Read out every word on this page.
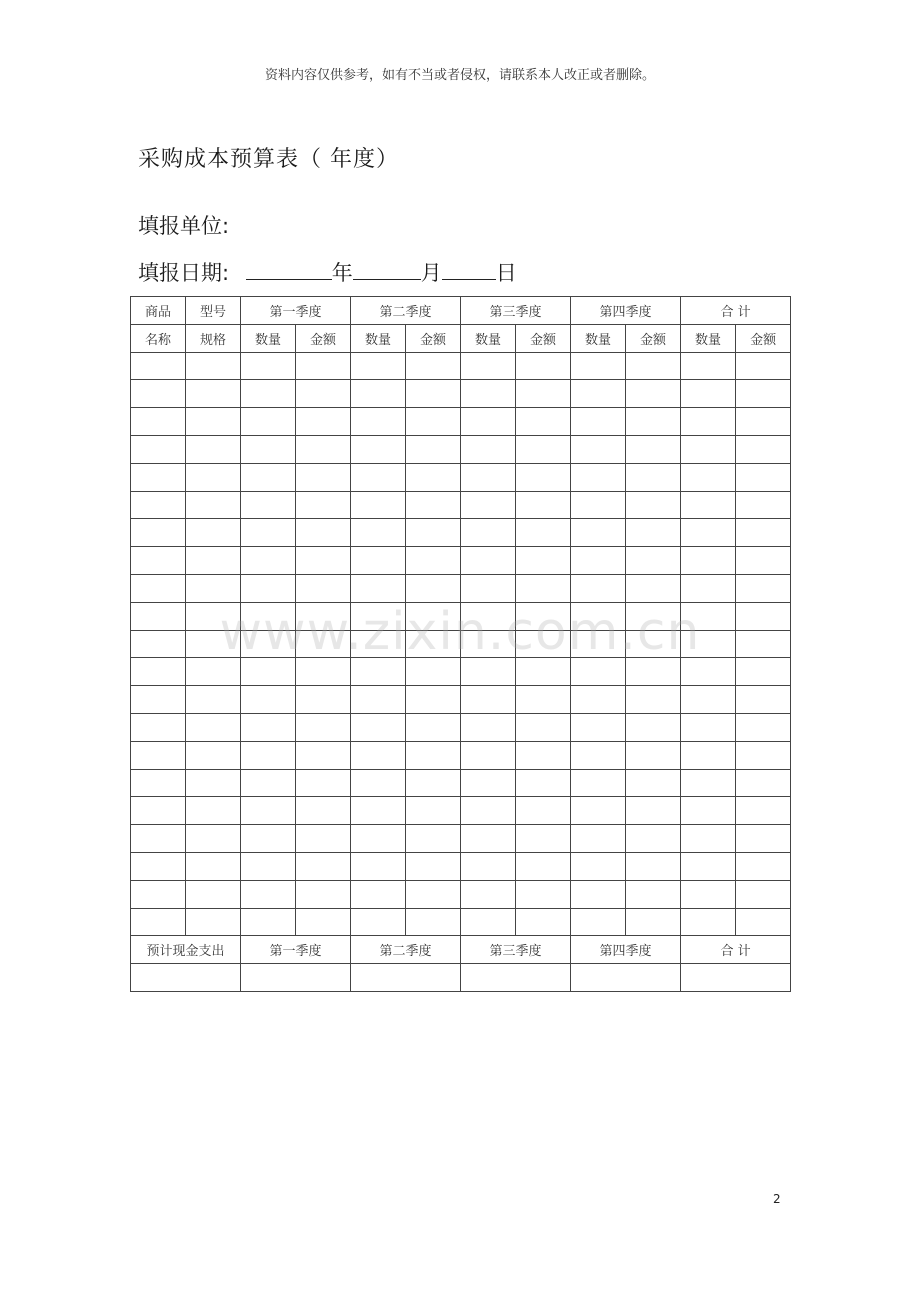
资料内容仅供参考，如有不当或者侵权，请联系本人改正或者删除。
采购成本预算表（ 年度）
填报单位:
填报日期:	年	月	日
商品	型号	第一季度		第二季度		第三季度		第四季度		合 计	
名称	规格	数量	金额	数量	金额	数量	金额	数量	金额	数量	金额

预计现金支出		第一季度		第二季度		第三季度		第四季度		合 计	

www.zixin.com.cn
2
